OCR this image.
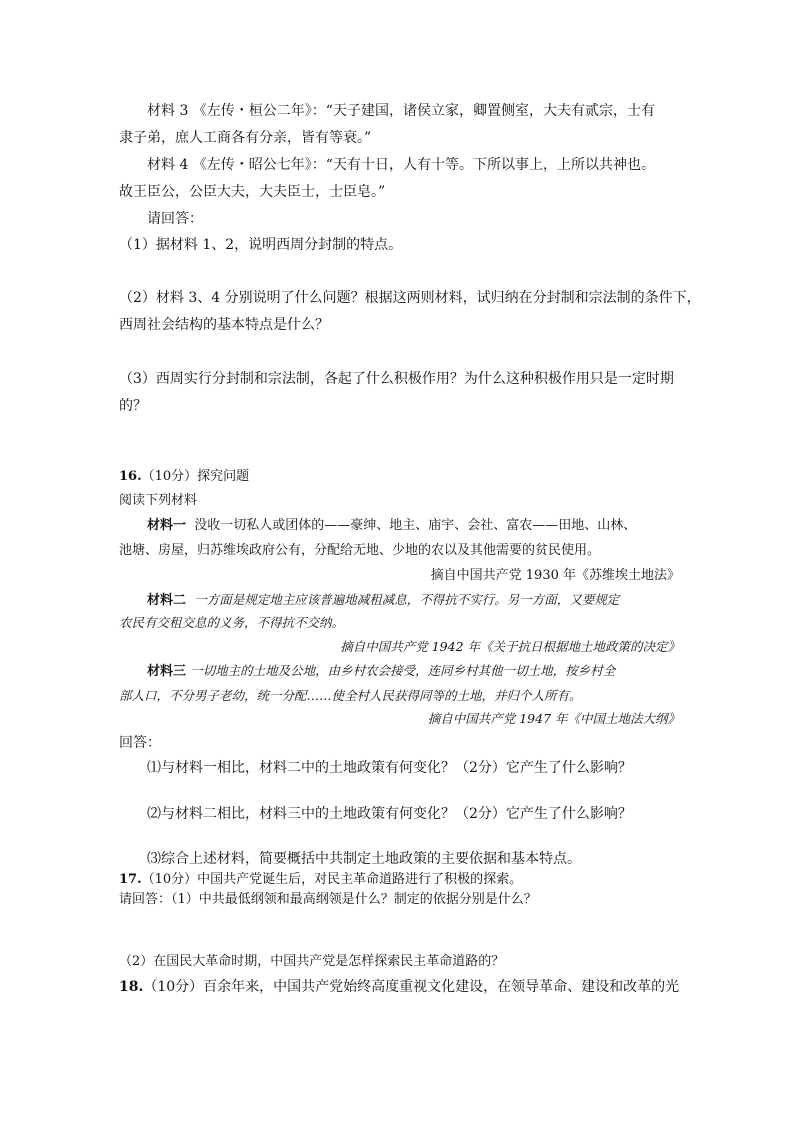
材料 3 《左传・桓公二年》：“天子建国，诸侯立家，卿置侧室，大夫有贰宗，士有
隶子弟，庶人工商各有分亲，皆有等衰。”
材料 4 《左传・昭公七年》：“天有十日，人有十等。下所以事上，上所以共神也。
故王臣公，公臣大夫，大夫臣士，士臣皂。”
请回答：
（1）据材料 1、2，说明西周分封制的特点。
（2）材料 3、4 分别说明了什么问题？根据这两则材料，试归纳在分封制和宗法制的条件下，
西周社会结构的基本特点是什么？
（3）西周实行分封制和宗法制，各起了什么积极作用？为什么这种积极作用只是一定时期
的？
16.（10分）探究问题
阅读下列材料
材料一 没收一切私人或团体的——豪绅、地主、庙宇、会社、富农——田地、山林、
池塘、房屋，归苏维埃政府公有，分配给无地、少地的农以及其他需要的贫民使用。
摘自中国共产党 1930 年《苏维埃土地法》
材料二 一方面是规定地主应该普遍地减租减息，不得抗不实行。另一方面，又要规定
农民有交租交息的义务，不得抗不交纳。
摘自中国共产党 1942 年《关于抗日根据地土地政策的决定》
材料三 一切地主的土地及公地，由乡村农会接受，连同乡村其他一切土地，按乡村全
部人口，不分男子老幼，统一分配……使全村人民获得同等的土地，并归个人所有。
摘自中国共产党 1947 年《中国土地法大纲》
回答：
⑴与材料一相比，材料二中的土地政策有何变化？（2分）它产生了什么影响？
⑵与材料二相比，材料三中的土地政策有何变化？（2分）它产生了什么影响？
⑶综合上述材料，简要概括中共制定土地政策的主要依据和基本特点。
17.（10分）中国共产党诞生后，对民主革命道路进行了积极的探索。
请回答：（1）中共最低纲领和最高纲领是什么？制定的依据分别是什么？
（2）在国民大革命时期，中国共产党是怎样探索民主革命道路的？
18.（10分）百余年来，中国共产党始终高度重视文化建设，在领导革命、建设和改革的光
